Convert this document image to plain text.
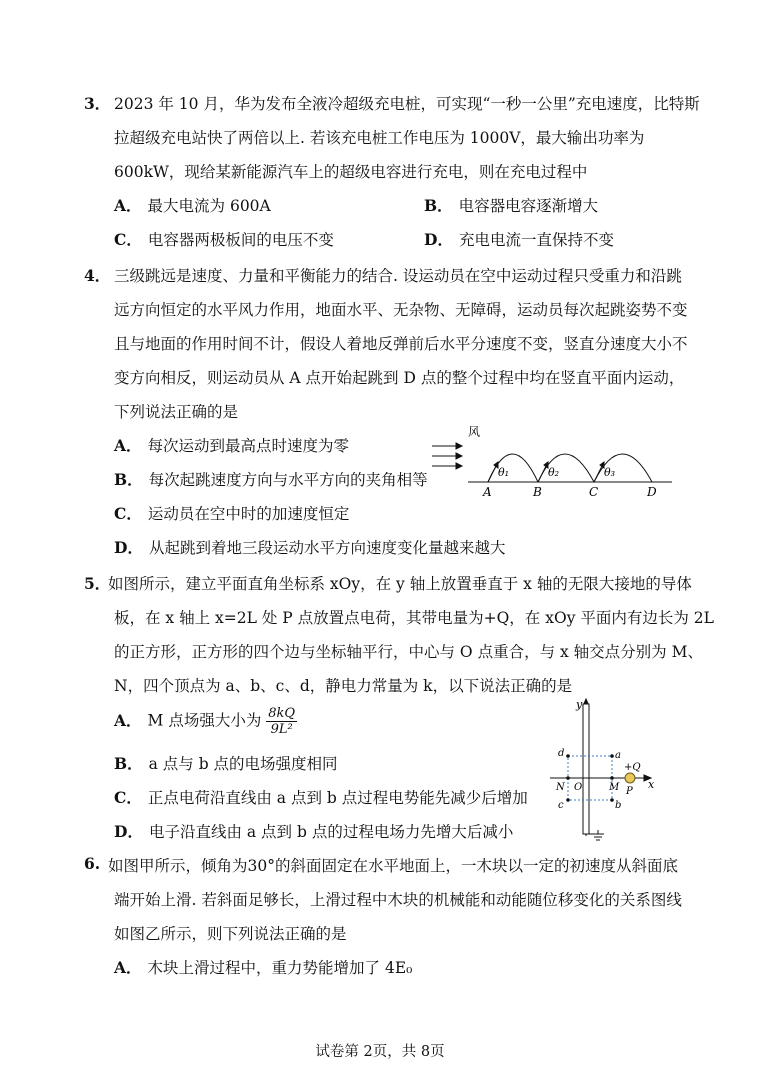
3． 2023 年 10 月，华为发布全液冷超级充电桩，可实现“一秒一公里”充电速度，比特斯
拉超级充电站快了两倍以上. 若该充电桩工作电压为 1000V，最大输出功率为
600kW，现给某新能源汽车上的超级电容进行充电，则在充电过程中
A． 最大电流为 600A	B． 电容器电容逐渐增大
C． 电容器两极板间的电压不变	D． 充电电流一直保持不变
4． 三级跳远是速度、力量和平衡能力的结合. 设运动员在空中运动过程只受重力和沿跳
远方向恒定的水平风力作用，地面水平、无杂物、无障碍，运动员每次起跳姿势不变
且与地面的作用时间不计，假设人着地反弹前后水平分速度不变，竖直分速度大小不
变方向相反，则运动员从 A 点开始起跳到 D 点的整个过程中均在竖直平面内运动，
下列说法正确的是
A． 每次运动到最高点时速度为零
B． 每次起跳速度方向与水平方向的夹角相等
C． 运动员在空中时的加速度恒定
D． 从起跳到着地三段运动水平方向速度变化量越来越大
风
θ₁	θ₂	θ₃
A	B	C	D
5．
如图所示，建立平面直角坐标系 xOy，在 y 轴上放置垂直于 x 轴的无限大接地的导体
板，在 x 轴上 x=2L 处 P 点放置点电荷，其带电量为+Q，在 xOy 平面内有边长为 2L
的正方形，正方形的四个边与坐标轴平行，中心与 O 点重合，与 x 轴交点分别为 M、
N，四个顶点为 a、b、c、d，静电力常量为 k，以下说法正确的是
A． M 点场强大小为 $\frac{8kQ}{\text{9L²}}$
B． a 点与 b 点的电场强度相同
C． 正点电荷沿直线由 a 点到 b 点过程电势能先减少后增加
D． 电子沿直线由 a 点到 b 点的过程电场力先增大后减小
y
x
d	a
+Q
N O	M P
c	b
6. 如图甲所示，倾角为30°的斜面固定在水平地面上，一木块以一定的初速度从斜面底
端开始上滑. 若斜面足够长，上滑过程中木块的机械能和动能随位移变化的关系图线
如图乙所示，则下列说法正确的是
A． 木块上滑过程中，重力势能增加了 4E₀
试卷第 2页，共 8页
